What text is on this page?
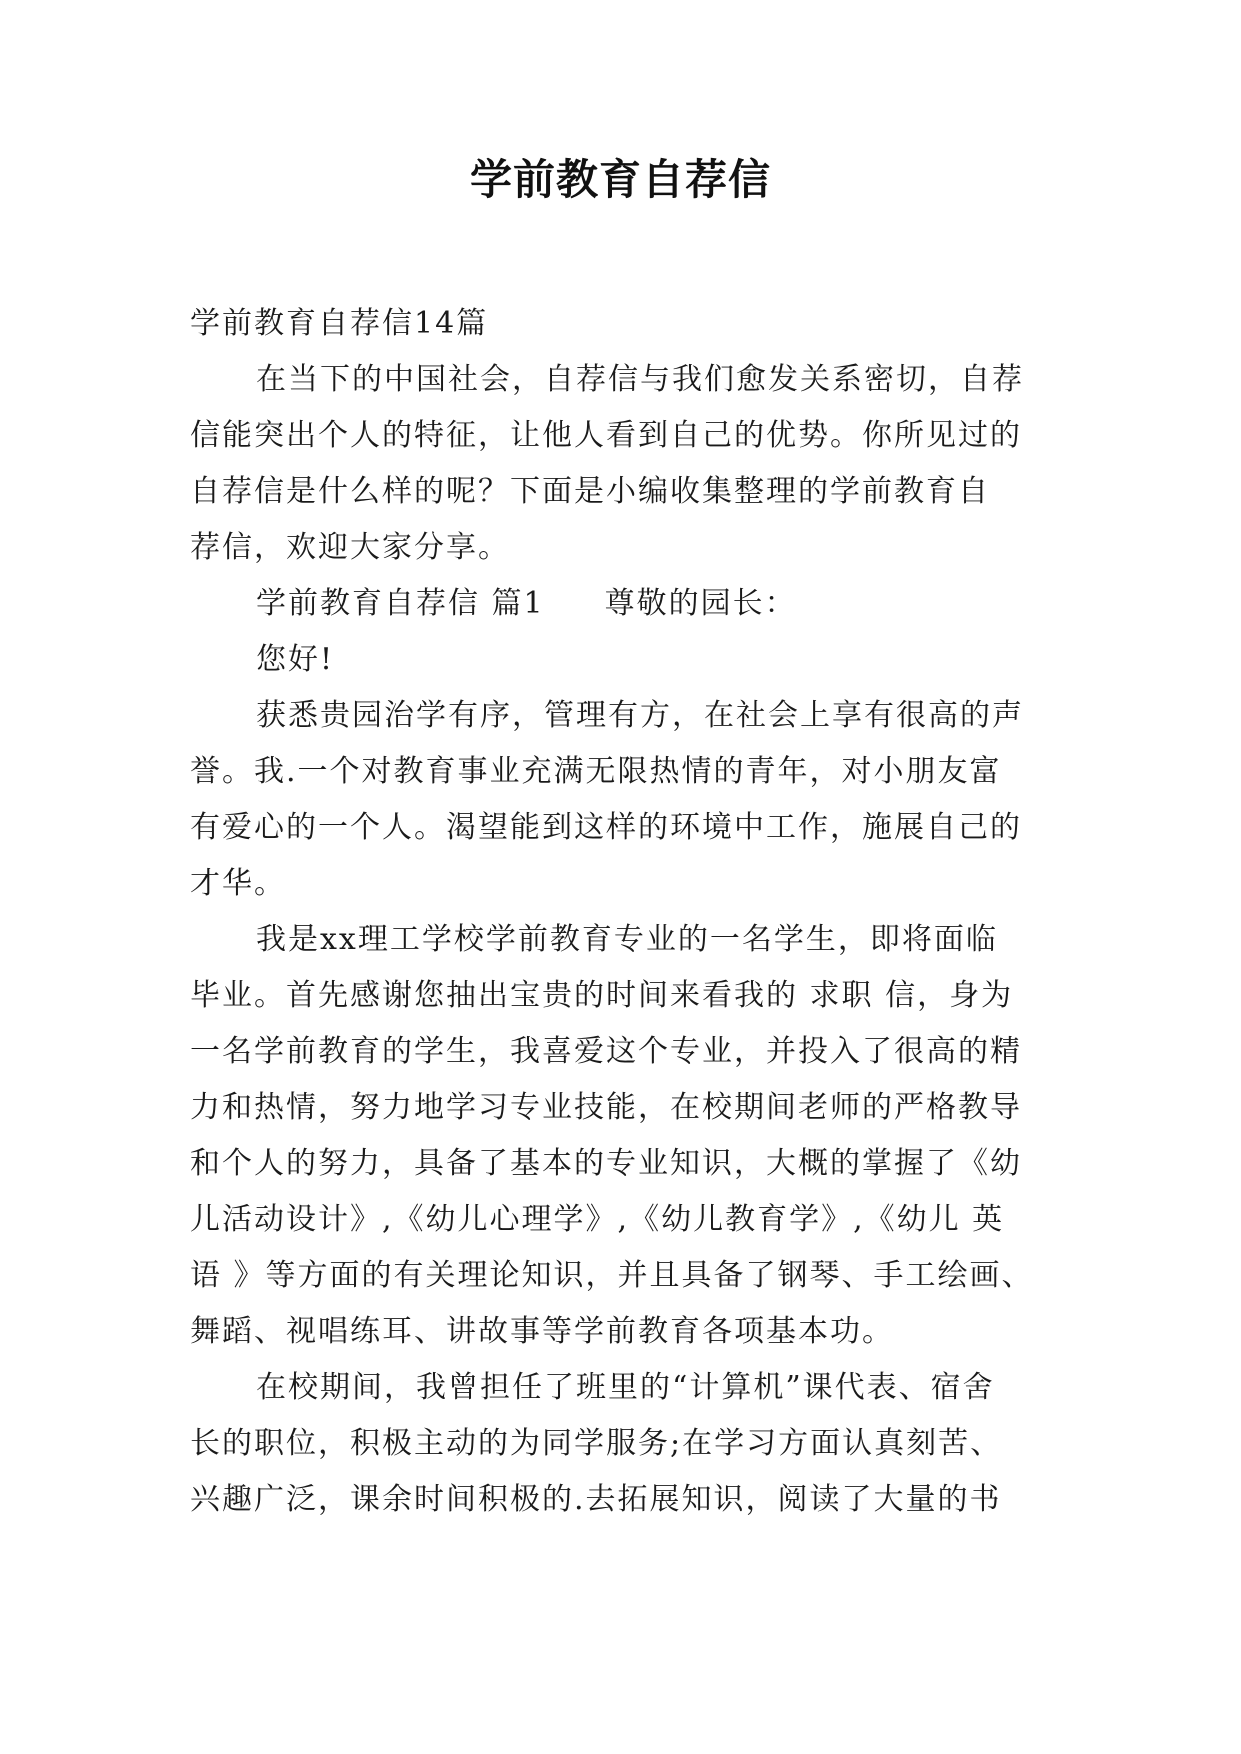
学前教育自荐信
学前教育自荐信14篇
在当下的中国社会，自荐信与我们愈发关系密切，自荐
信能突出个人的特征，让他人看到自己的优势。你所见过的
自荐信是什么样的呢？下面是小编收集整理的学前教育自
荐信，欢迎大家分享。
学前教育自荐信 篇1 尊敬的园长：
您好!
获悉贵园治学有序，管理有方，在社会上享有很高的声
誉。我.一个对教育事业充满无限热情的青年，对小朋友富
有爱心的一个人。渴望能到这样的环境中工作，施展自己的
才华。
我是xx理工学校学前教育专业的一名学生，即将面临
毕业。首先感谢您抽出宝贵的时间来看我的 求职 信，身为
一名学前教育的学生，我喜爱这个专业，并投入了很高的精
力和热情，努力地学习专业技能，在校期间老师的严格教导
和个人的努力，具备了基本的专业知识，大概的掌握了《幼
儿活动设计》,《幼儿心理学》,《幼儿教育学》,《幼儿 英
语 》等方面的有关理论知识，并且具备了钢琴、手工绘画、
舞蹈、视唱练耳、讲故事等学前教育各项基本功。
在校期间，我曾担任了班里的“计算机”课代表、宿舍
长的职位，积极主动的为同学服务;在学习方面认真刻苦、
兴趣广泛，课余时间积极的.去拓展知识，阅读了大量的书
